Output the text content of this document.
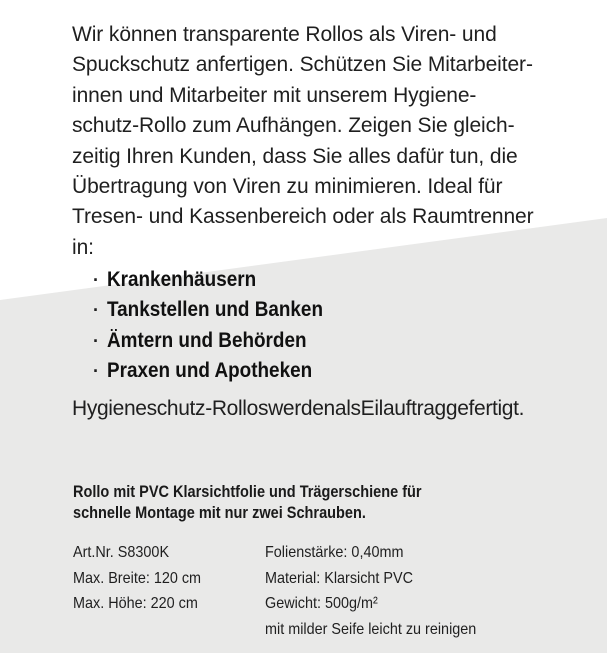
Wir können transparente Rollos als Viren- und
Spuckschutz anfertigen. Schützen Sie Mitarbeiter-
innen und Mitarbeiter mit unserem Hygiene-
schutz-Rollo zum Aufhängen. Zeigen Sie gleich-
zeitig Ihren Kunden, dass Sie alles dafür tun, die
Übertragung von Viren zu minimieren. Ideal für
Tresen- und Kassenbereich oder als Raumtrenner
in:
· Krankenhäusern
· Tankstellen und Banken
· Ämtern und Behörden
· Praxen und Apotheken
Hygieneschutz-RolloswerdenalsEilauftraggefertigt.
Rollo mit PVC Klarsichtfolie und Trägerschiene für
schnelle Montage mit nur zwei Schrauben.
Art.Nr. S8300K
Max. Breite: 120 cm
Max. Höhe: 220 cm
Folienstärke: 0,40mm
Material: Klarsicht PVC
Gewicht: 500g/m²
mit milder Seife leicht zu reinigen
